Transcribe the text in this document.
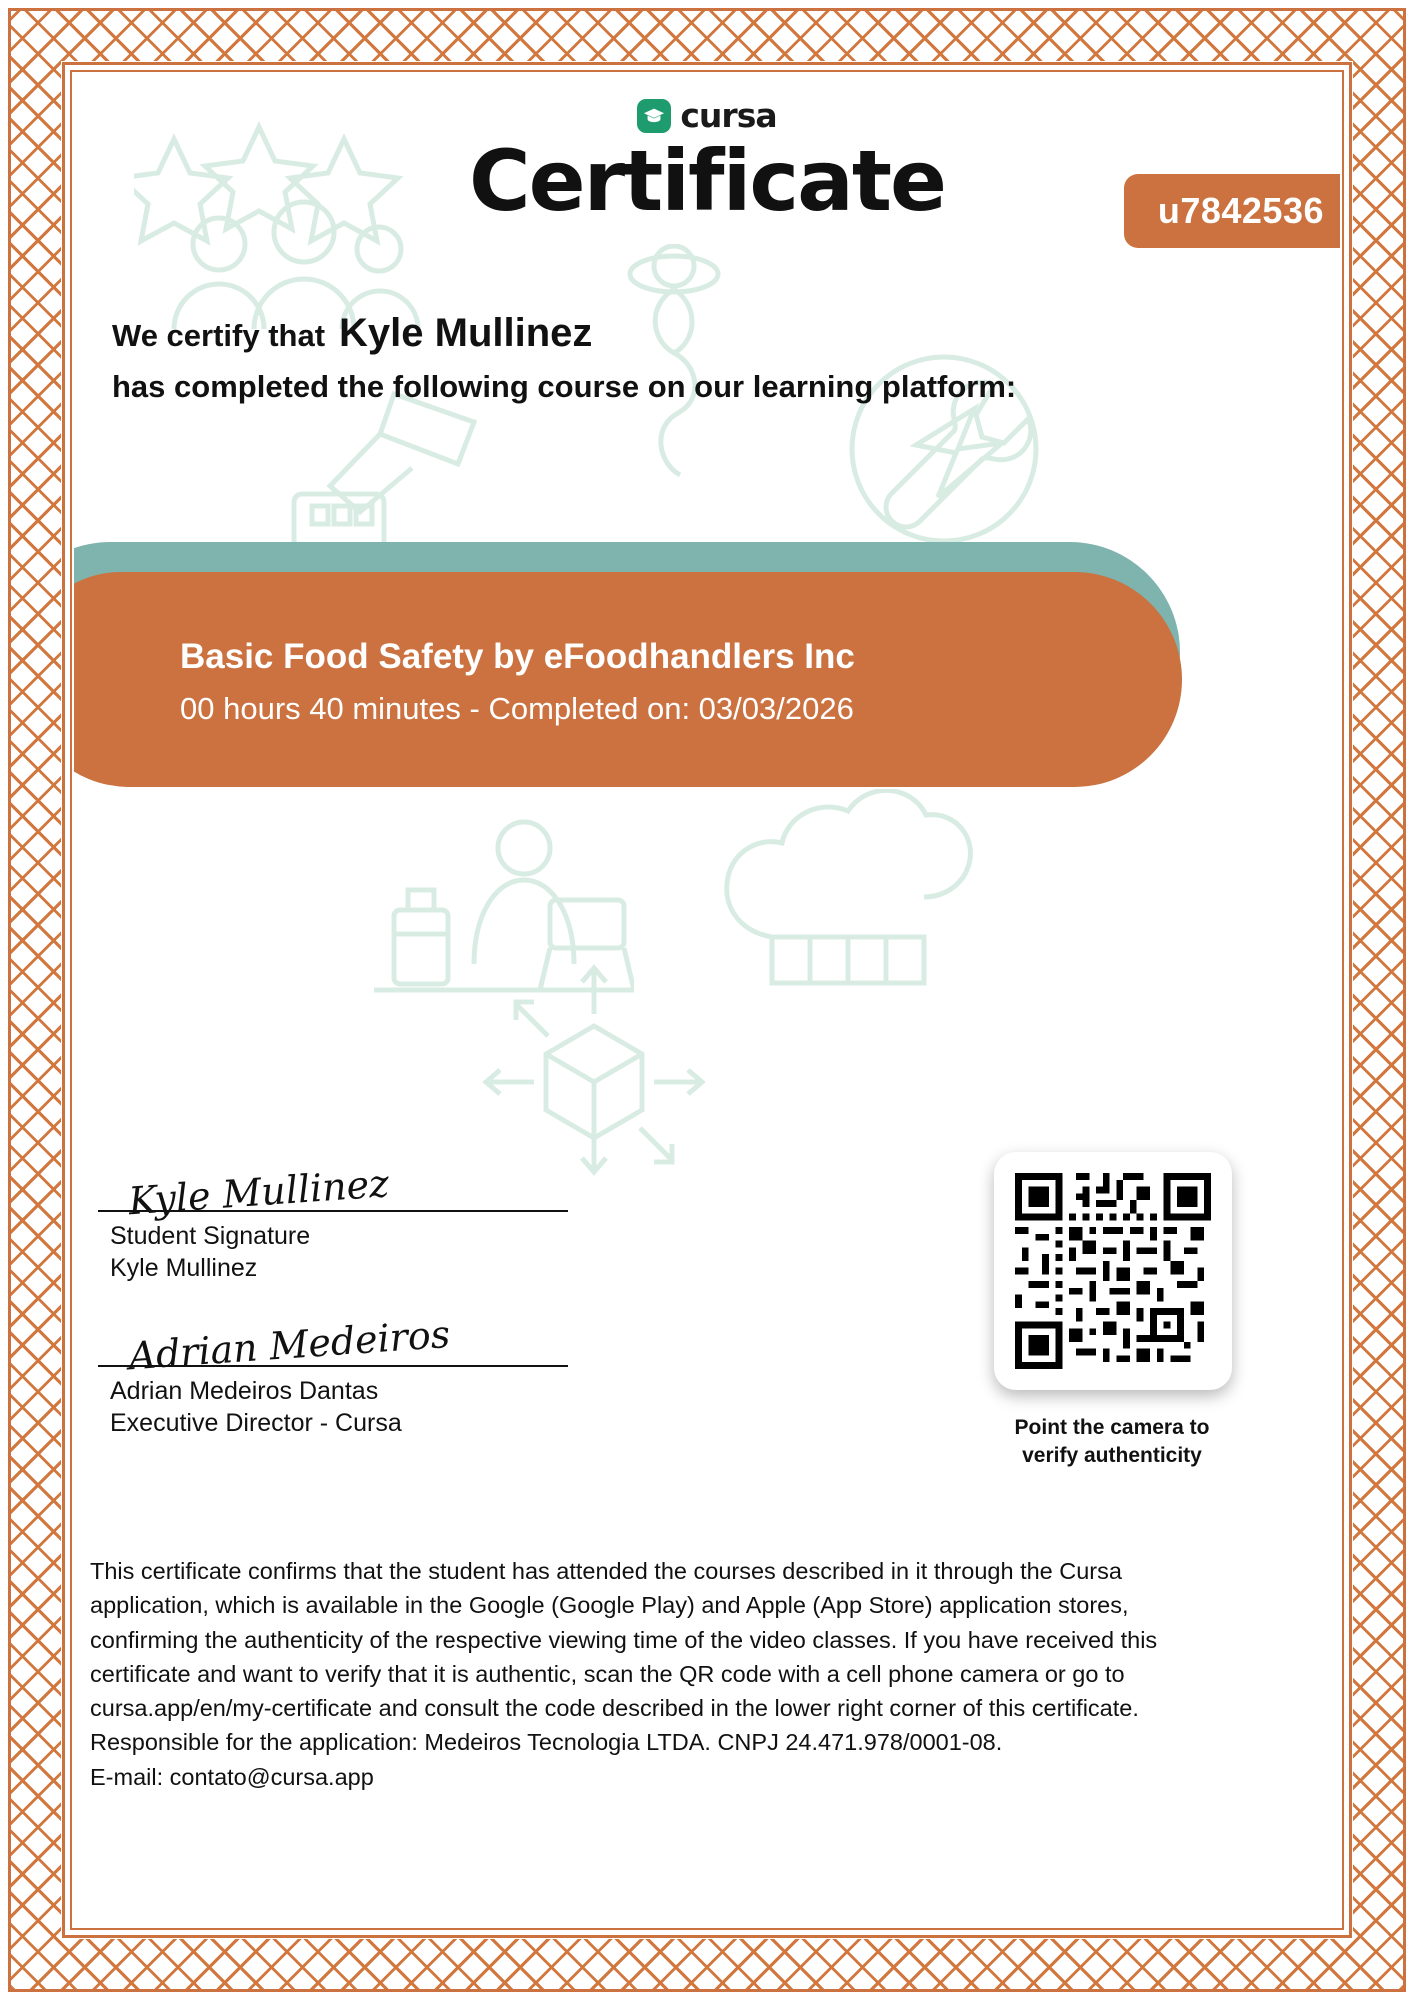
cursa
Certificate	u7842536
We certify that Kyle Mullinez
has completed the following course on our learning platform:
Basic Food Safety by eFoodhandlers Inc
00 hours 40 minutes - Completed on: 03/03/2026
Kyle Mullinez
Student Signature
Kyle Mullinez
Adrian Medeiros
Adrian Medeiros Dantas
Executive Director - Cursa	Point the camera to
verify authenticity

This certificate confirms that the student has attended the courses described in it through the Cursa

application, which is available in the Google (Google Play) and Apple (App Store) application stores,

confirming the authenticity of the respective viewing time of the video classes. If you have received this

certificate and want to verify that it is authentic, scan the QR code with a cell phone camera or go to

cursa.app/en/my-certificate and consult the code described in the lower right corner of this certificate.

Responsible for the application: Medeiros Tecnologia LTDA. CNPJ 24.471.978/0001-08.

E-mail: contato@cursa.app
